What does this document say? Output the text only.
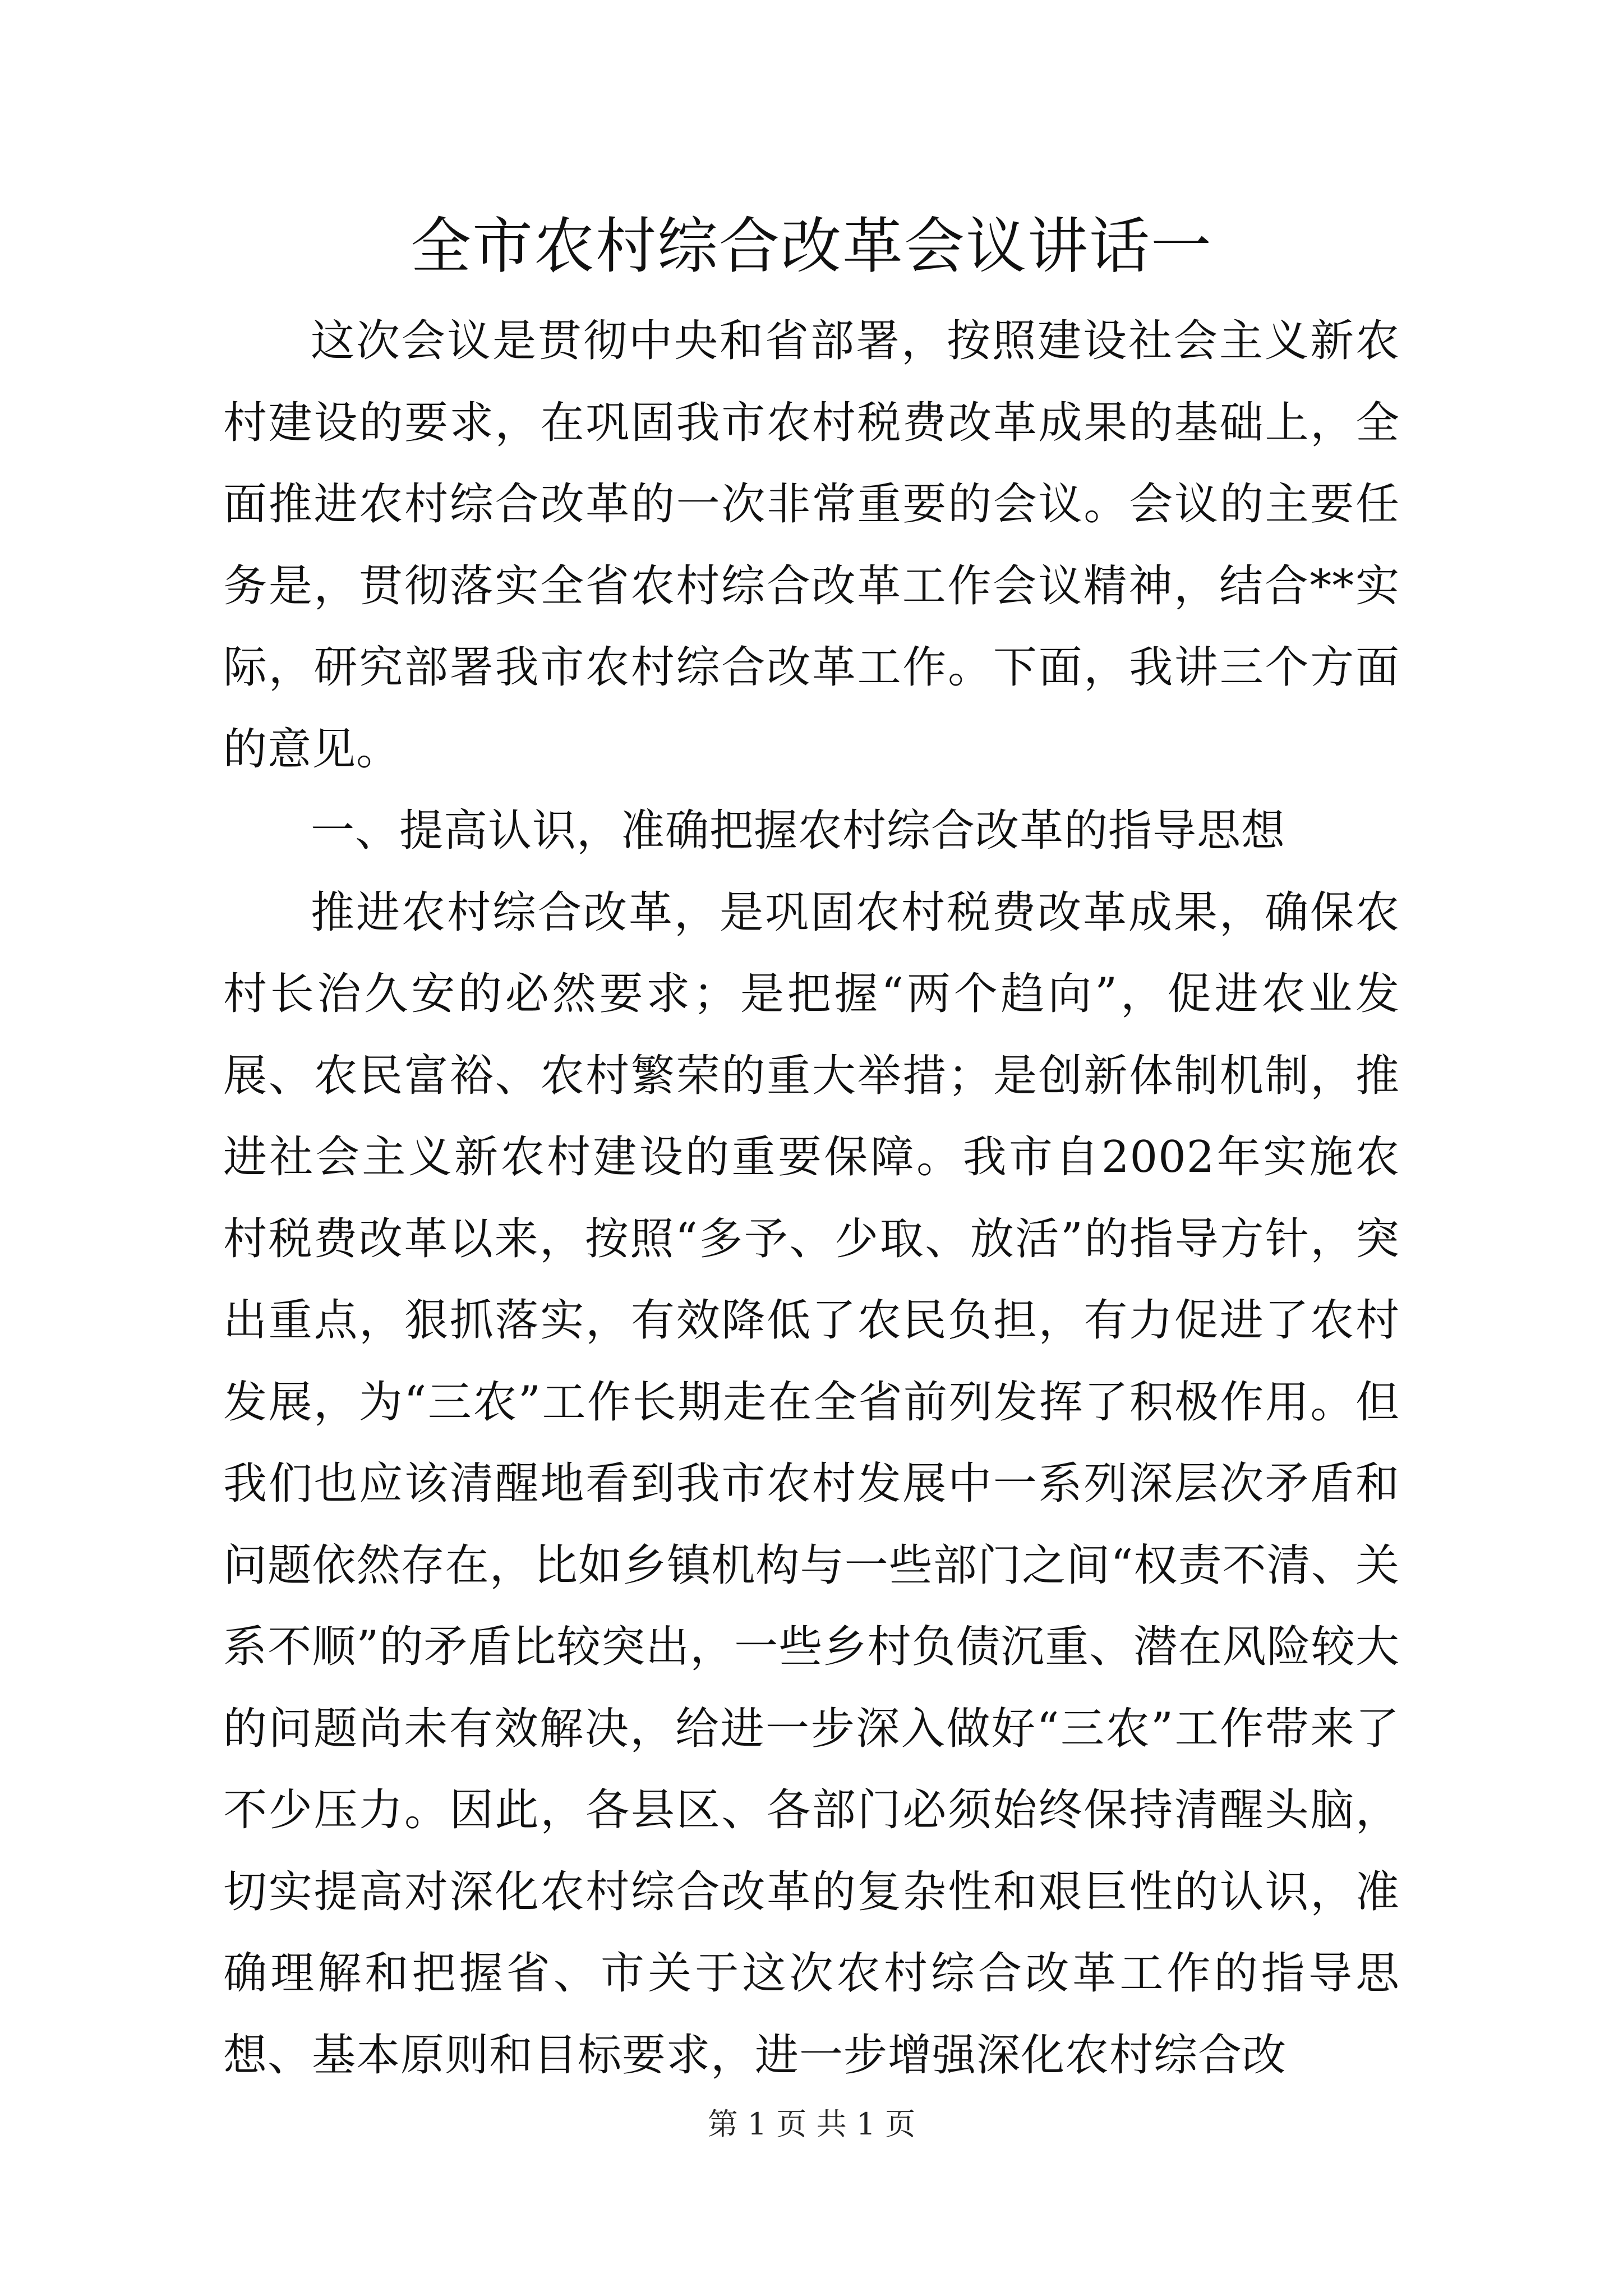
全市农村综合改革会议讲话一

这次会议是贯彻中央和省部署，按照建设社会主义新农村建设的要求，在巩固我市农村税费改革成果的基础上，全面推进农村综合改革的一次非常重要的会议。会议的主要任务是，贯彻落实全省农村综合改革工作会议精神，结合**实际，研究部署我市农村综合改革工作。下面，我讲三个方面的意见。

一、提高认识，准确把握农村综合改革的指导思想

推进农村综合改革，是巩固农村税费改革成果，确保农村长治久安的必然要求；是把握“两个趋向”，促进农业发展、农民富裕、农村繁荣的重大举措；是创新体制机制，推进社会主义新农村建设的重要保障。我市自2002年实施农村税费改革以来，按照“多予、少取、放活”的指导方针，突出重点，狠抓落实，有效降低了农民负担，有力促进了农村发展，为“三农”工作长期走在全省前列发挥了积极作用。但我们也应该清醒地看到我市农村发展中一系列深层次矛盾和问题依然存在，比如乡镇机构与一些部门之间“权责不清、关系不顺”的矛盾比较突出，一些乡村负债沉重、潜在风险较大的问题尚未有效解决，给进一步深入做好“三农”工作带来了不少压力。因此，各县区、各部门必须始终保持清醒头脑，切实提高对深化农村综合改革的复杂性和艰巨性的认识，准确理解和把握省、市关于这次农村综合改革工作的指导思想、基本原则和目标要求，进一步增强深化农村综合改

第 1 页 共 1 页
